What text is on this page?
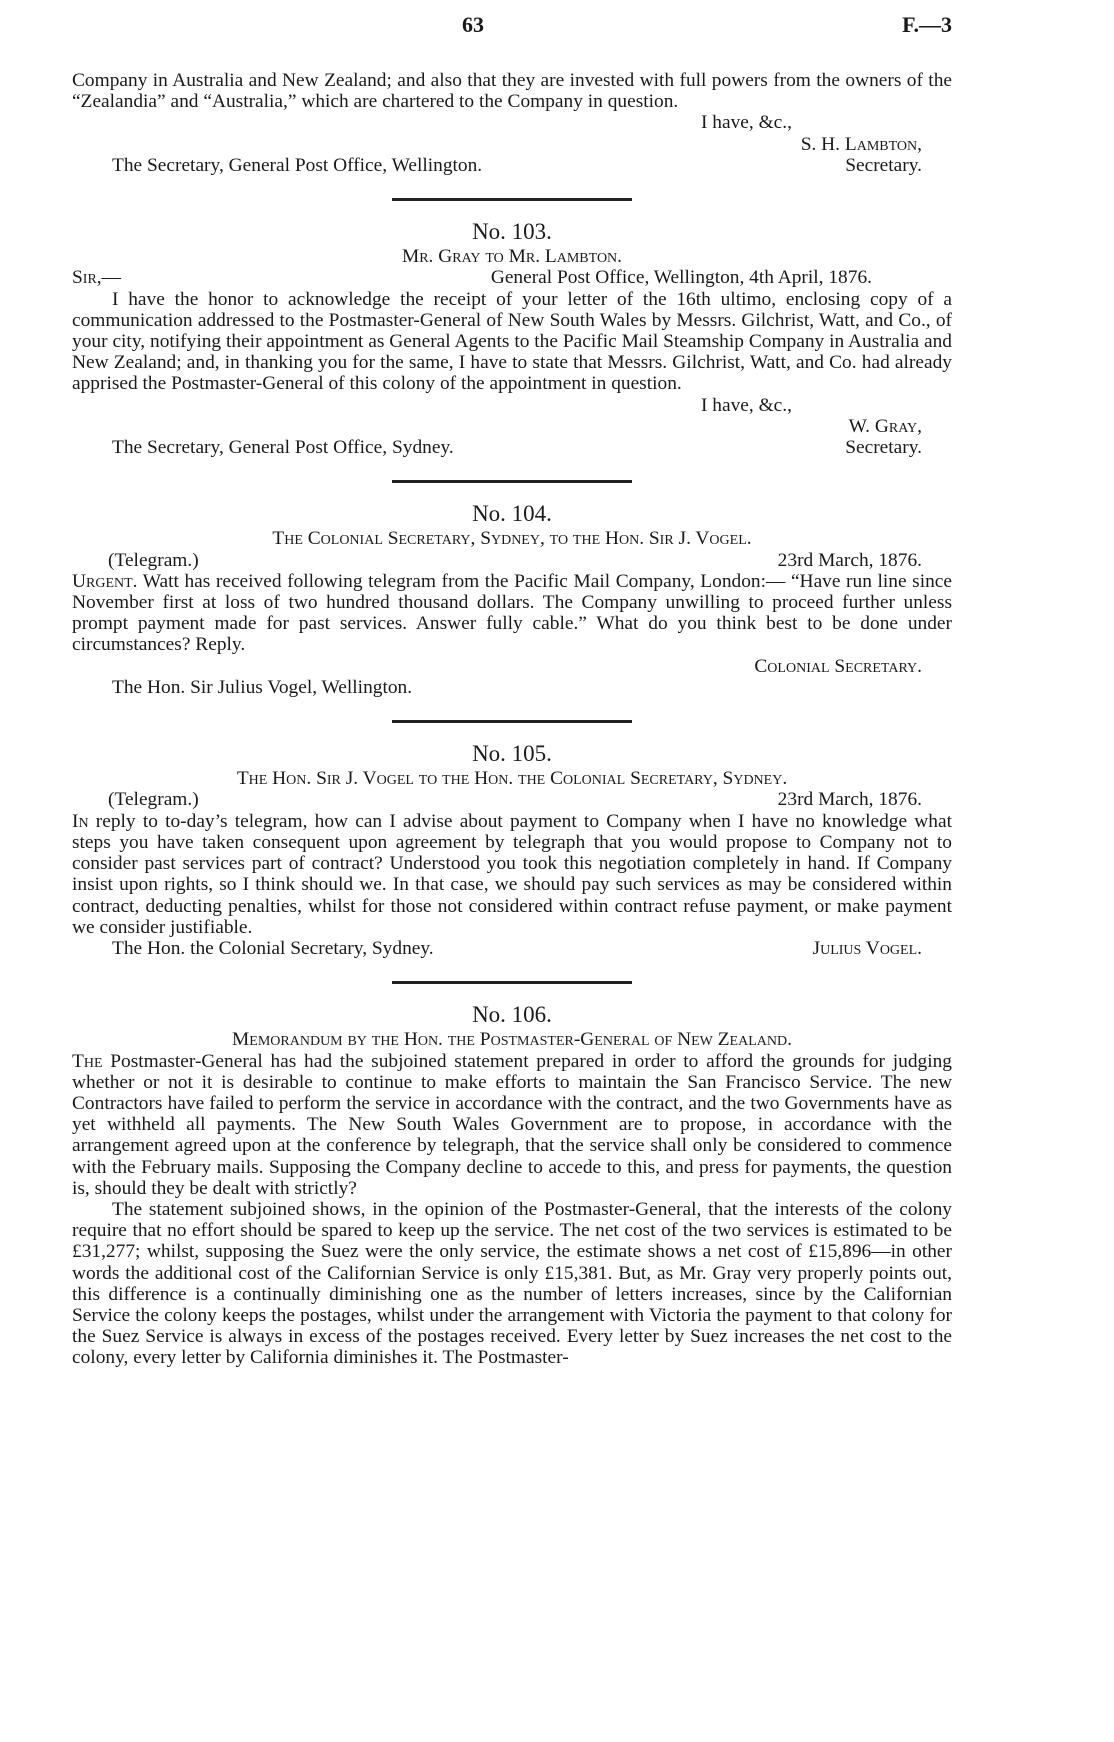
63	F.—3

Company in Australia and New Zealand; and also that they are invested with full powers from the owners of the “Zealandia” and “Australia,” which are chartered to the Company in question.

I have, &c.,
S. H. Lambton,
The Secretary, General Post Office, Wellington.	Secretary.
No. 103.
Mr. Gray to Mr. Lambton.
Sir,—	General Post Office, Wellington, 4th April, 1876.

I have the honor to acknowledge the receipt of your letter of the 16th ultimo, enclosing copy of a communication addressed to the Postmaster-General of New South Wales by Messrs. Gilchrist, Watt, and Co., of your city, notifying their appointment as General Agents to the Pacific Mail Steamship Company in Australia and New Zealand; and, in thanking you for the same, I have to state that Messrs. Gilchrist, Watt, and Co. had already apprised the Postmaster-General of this colony of the appointment in question.

I have, &c.,
W. Gray,
The Secretary, General Post Office, Sydney.	Secretary.
No. 104.
The Colonial Secretary, Sydney, to the Hon. Sir J. Vogel.
(Telegram.)	23rd March, 1876.

Urgent. Watt has received following telegram from the Pacific Mail Company, London:— “Have run line since November first at loss of two hundred thousand dollars. The Company unwilling to proceed further unless prompt payment made for past services. Answer fully cable.” What do you think best to be done under circumstances? Reply.

Colonial Secretary.
The Hon. Sir Julius Vogel, Wellington.
No. 105.
The Hon. Sir J. Vogel to the Hon. the Colonial Secretary, Sydney.
(Telegram.)	23rd March, 1876.

In reply to to-day’s telegram, how can I advise about payment to Company when I have no knowledge what steps you have taken consequent upon agreement by telegraph that you would propose to Company not to consider past services part of contract? Understood you took this negotiation completely in hand. If Company insist upon rights, so I think should we. In that case, we should pay such services as may be considered within contract, deducting penalties, whilst for those not considered within contract refuse payment, or make payment we consider justifiable.

The Hon. the Colonial Secretary, Sydney.	Julius Vogel.
No. 106.
Memorandum by the Hon. the Postmaster-General of New Zealand.

The Postmaster-General has had the subjoined statement prepared in order to afford the grounds for judging whether or not it is desirable to continue to make efforts to maintain the San Francisco Service. The new Contractors have failed to perform the service in accordance with the contract, and the two Governments have as yet withheld all payments. The New South Wales Government are to propose, in accordance with the arrangement agreed upon at the conference by telegraph, that the service shall only be considered to commence with the February mails. Supposing the Company decline to accede to this, and press for payments, the question is, should they be dealt with strictly?

The statement subjoined shows, in the opinion of the Postmaster-General, that the interests of the colony require that no effort should be spared to keep up the service. The net cost of the two services is estimated to be £31,277; whilst, supposing the Suez were the only service, the estimate shows a net cost of £15,896—in other words the additional cost of the Californian Service is only £15,381. But, as Mr. Gray very properly points out, this difference is a continually diminishing one as the number of letters increases, since by the Californian Service the colony keeps the postages, whilst under the arrangement with Victoria the payment to that colony for the Suez Service is always in excess of the postages received. Every letter by Suez increases the net cost to the colony, every letter by California diminishes it. The Postmaster-
